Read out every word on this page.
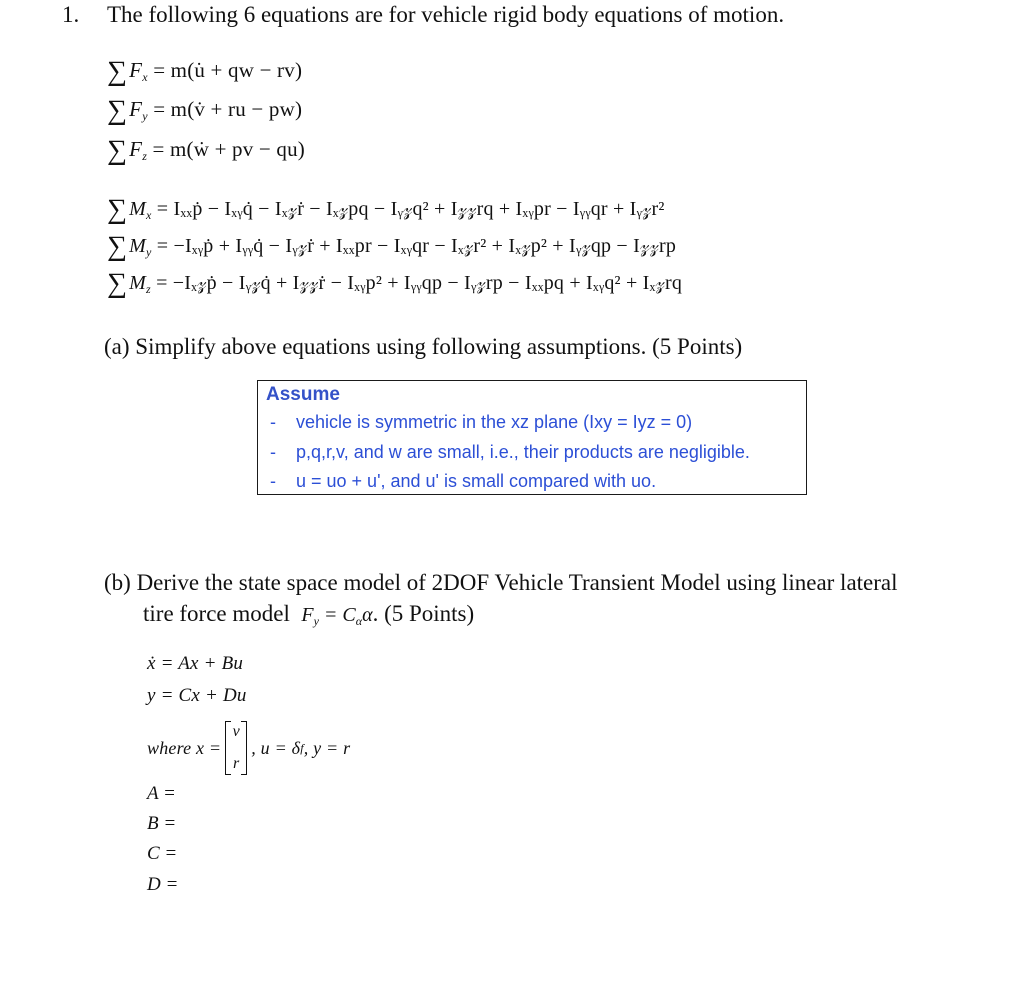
1. The following 6 equations are for vehicle rigid body equations of motion.
$\sum F_x$ = m(u̇ + qw − rv)
$\sum F_y$ = m(v̇ + ru − pw)
$\sum F_z$ = m(ẇ + pv − qu)
∑ $M_x$ = Iₓₓṗ − Iₓᵧq̇ − Iₓ𝓏ṙ − Iₓ𝓏pq − Iᵧ𝓏q² + I𝓏𝓏rq + Iₓᵧpr − Iᵧᵧqr + Iᵧ𝓏r²
∑ $M_y$ = −Iₓᵧṗ + Iᵧᵧq̇ − Iᵧ𝓏ṙ + Iₓₓpr − Iₓᵧqr − Iₓ𝓏r² + Iₓ𝓏p² + Iᵧ𝓏qp − I𝓏𝓏rp
∑ $M_z$ = −Iₓ𝓏ṗ − Iᵧ𝓏q̇ + I𝓏𝓏ṙ − Iₓᵧp² + Iᵧᵧqp − Iᵧ𝓏rp − Iₓₓpq + Iₓᵧq² + Iₓ𝓏rq
(a) Simplify above equations using following assumptions. (5 Points)
Assume
- vehicle is symmetric in the xz plane (Ixy = Iyz = 0)
- p,q,r,v, and w are small, i.e., their products are negligible.
- u = uo + u', and u' is small compared with uo.
(b) Derive the state space model of 2DOF Vehicle Transient Model using linear lateral
tire force model $F_y = C_\alpha\alpha$. (5 Points)
ẋ = Ax + Bu
y = Cx + Du
where x =
v
r
, u = δ f , y = r
A =
B =
C =
D =
